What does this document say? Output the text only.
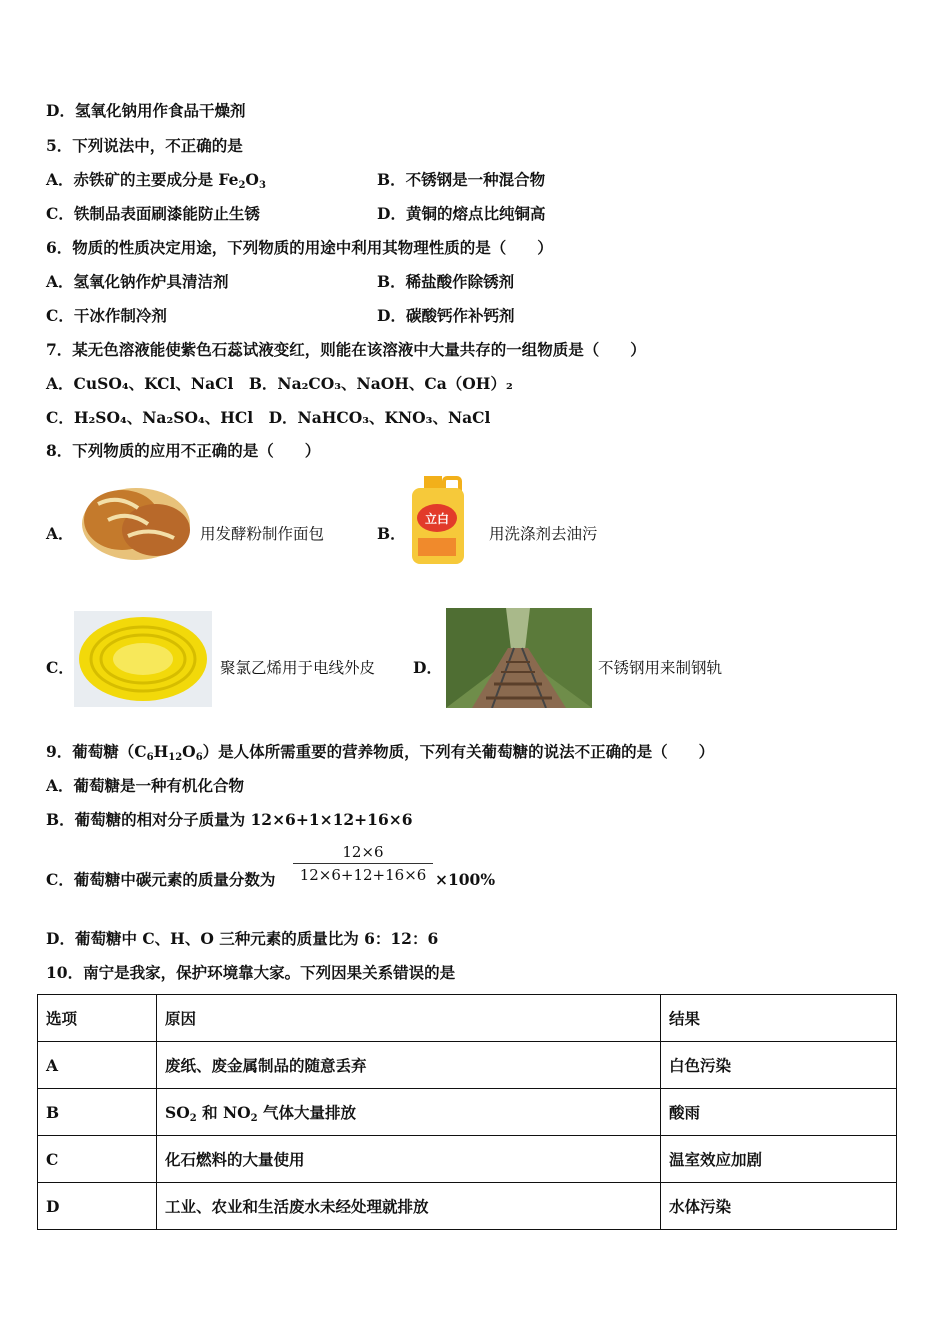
D．氢氧化钠用作食品干燥剂
5．下列说法中，不正确的是
A．赤铁矿的主要成分是 $Fe_2O_3$	B．不锈钢是一种混合物
C．铁制品表面刷漆能防止生锈	D．黄铜的熔点比纯铜高
6．物质的性质决定用途，下列物质的用途中利用其物理性质的是（　　）
A．氢氧化钠作炉具清洁剂	B．稀盐酸作除锈剂
C．干冰作制冷剂	D．碳酸钙作补钙剂
7．某无色溶液能使紫色石蕊试液变红，则能在该溶液中大量共存的一组物质是（　　）
A．CuSO₄、KCl、NaCl　B．Na₂CO₃、NaOH、Ca（OH）₂
C．H₂SO₄、Na₂SO₄、HCl　D．NaHCO₃、KNO₃、NaCl
8．下列物质的应用不正确的是（　　）
A．	用发酵粉制作面包	B．
立白
用洗涤剂去油污
C．	聚氯乙烯用于电线外皮 D．	不锈钢用来制钢轨
9．葡萄糖$(C_6H_{12}O_6)$是人体所需重要的营养物质，下列有关葡萄糖的说法不正确的是（　　）
A．葡萄糖是一种有机化合物
B．葡萄糖的相对分子质量为 12×6+1×12+16×6
C．葡萄糖中碳元素的质量分数为 $\frac{12\times 6}{12\times 6+12+16\times 6} \times 100\%$
D．葡萄糖中 C、H、O 三种元素的质量比为 6：12：6
10．南宁是我家，保护环境靠大家。下列因果关系错误的是
选项	原因	结果
A	废纸、废金属制品的随意丢弃	白色污染
B	$SO_2$ 和 $NO_2$ 气体大量排放	酸雨
C	化石燃料的大量使用	温室效应加剧
D	工业、农业和生活废水未经处理就排放	水体污染
